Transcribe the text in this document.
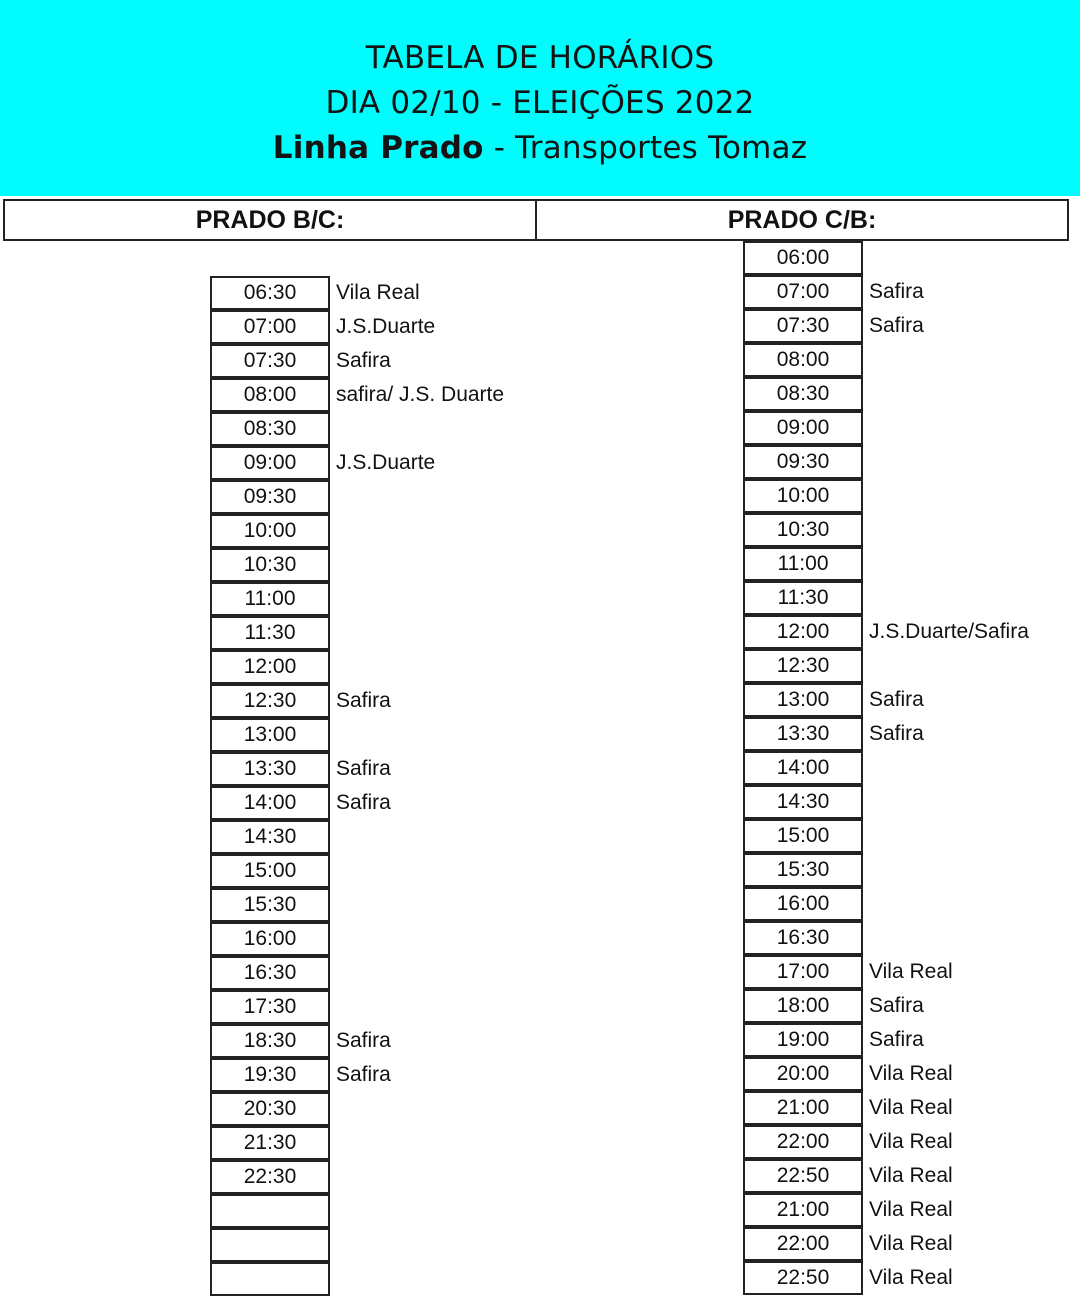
TABELA DE HORÁRIOS
DIA 02/10 - ELEIÇÕES 2022
Linha Prado - Transportes Tomaz
PRADO B/C:	PRADO C/B:
06:30	Vila Real
07:00	J.S.Duarte
07:30	Safira
08:00	safira/ J.S. Duarte
08:30
09:00	J.S.Duarte
09:30
10:00
10:30
11:00
11:30
12:00
12:30	Safira
13:00
13:30	Safira
14:00	Safira
14:30
15:00
15:30
16:00
16:30
17:30
18:30	Safira
19:30	Safira
20:30
21:30
22:30
06:00
07:00	Safira
07:30	Safira
08:00
08:30
09:00
09:30
10:00
10:30
11:00
11:30
12:00	J.S.Duarte/Safira
12:30
13:00	Safira
13:30	Safira
14:00
14:30
15:00
15:30
16:00
16:30
17:00	Vila Real
18:00	Safira
19:00	Safira
20:00	Vila Real
21:00	Vila Real
22:00	Vila Real
22:50	Vila Real
21:00	Vila Real
22:00	Vila Real
22:50	Vila Real
